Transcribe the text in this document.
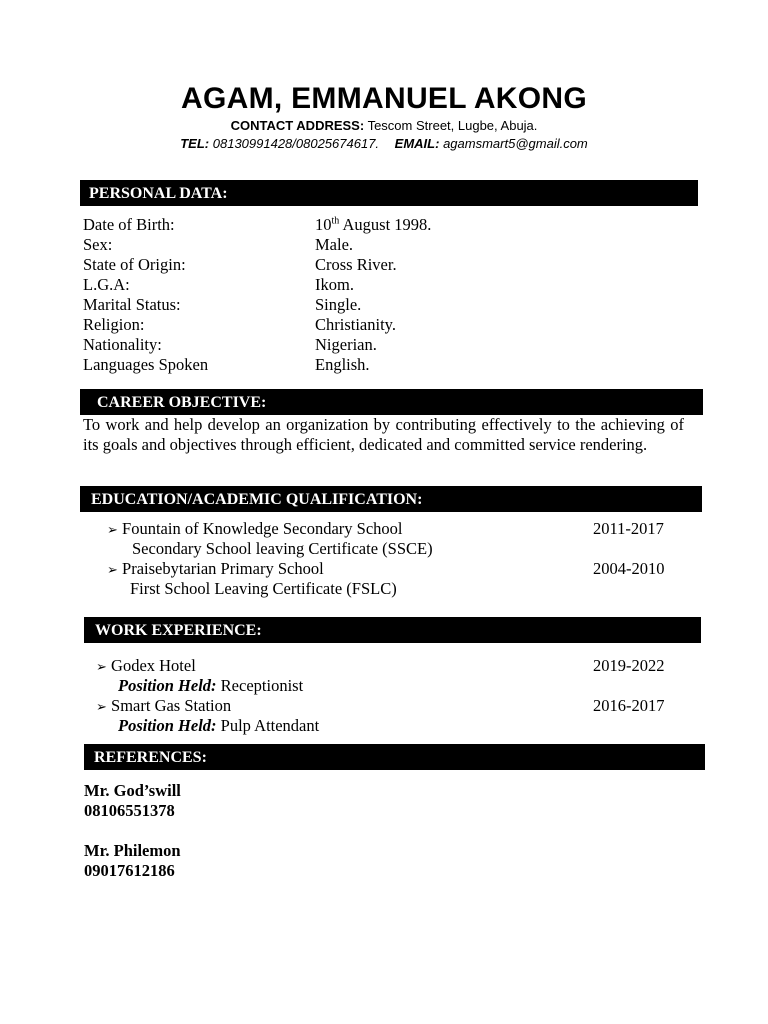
AGAM, EMMANUEL AKONG
CONTACT ADDRESS: Tescom Street, Lugbe, Abuja.
TEL: 08130991428/08025674617. EMAIL: agamsmart5@gmail.com
PERSONAL DATA:
Date of Birth:	10th August 1998.
Sex:	Male.
State of Origin:	Cross River.
L.G.A:	Ikom.
Marital Status:	Single.
Religion:	Christianity.
Nationality:	Nigerian.
Languages Spoken	English.
CAREER OBJECTIVE:
To work and help develop an organization by contributing effectively to the achieving of its goals and objectives through efficient, dedicated and committed service rendering.
EDUCATION/ACADEMIC QUALIFICATION:
➢ Fountain of Knowledge Secondary School	2011-2017
Secondary School leaving Certificate (SSCE)
➢ Praisebytarian Primary School	2004-2010
First School Leaving Certificate (FSLC)
WORK EXPERIENCE:
➢ Godex Hotel	2019-2022
Position Held: Receptionist
➢ Smart Gas Station	2016-2017
Position Held: Pulp Attendant
REFERENCES:
Mr. God’swill
08106551378
Mr. Philemon
09017612186
